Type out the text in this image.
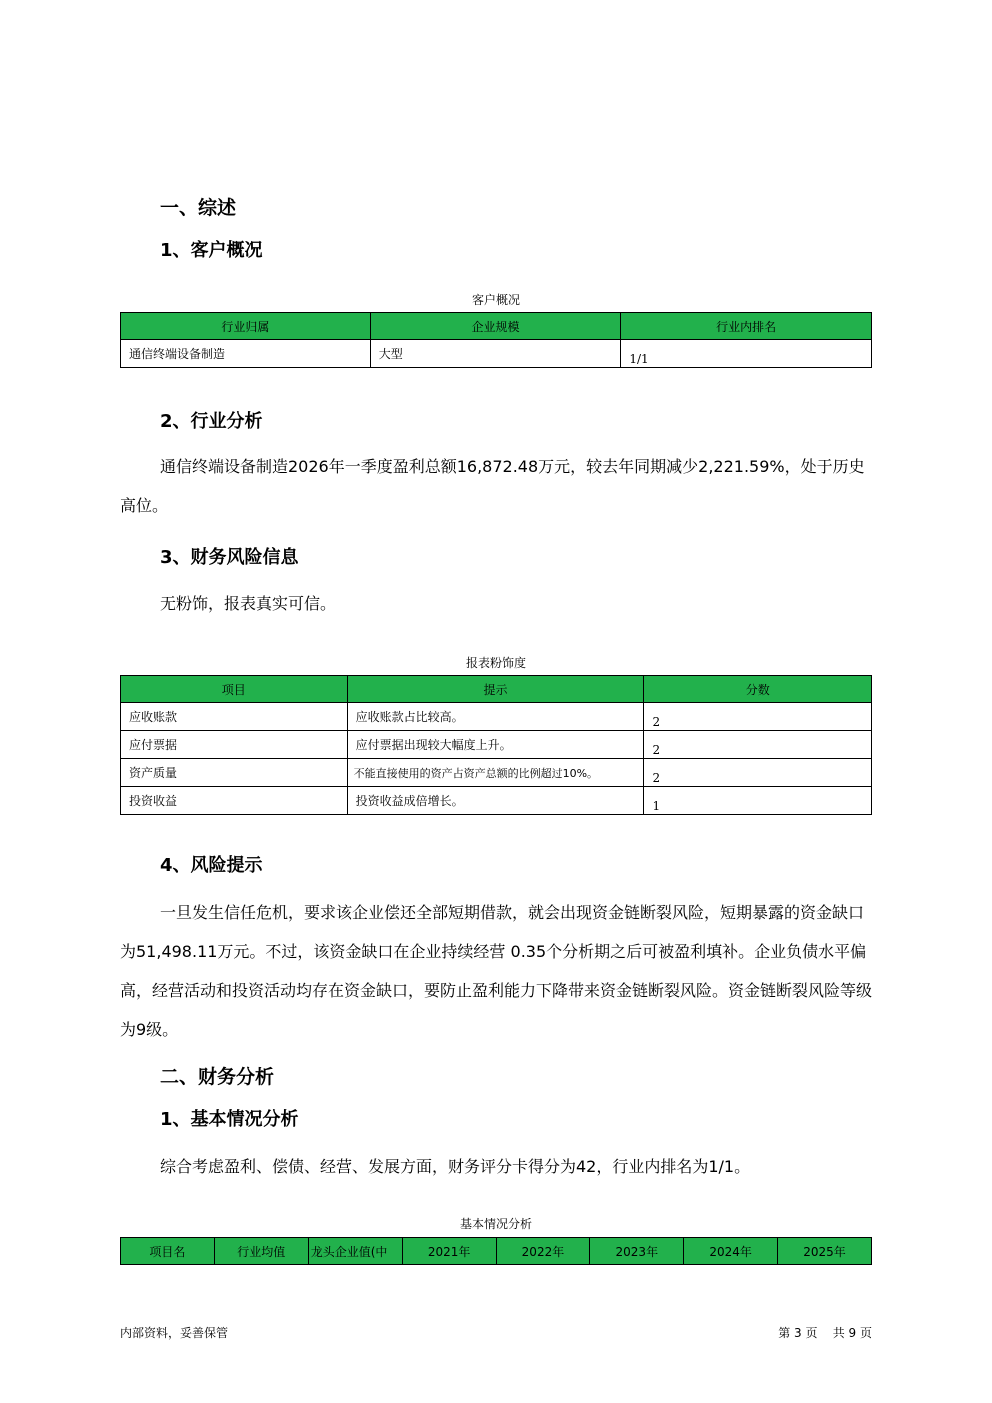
一、综述
1、客户概况
客户概况
行业归属	企业规模	行业内排名
通信终端设备制造	大型	1/1
2、行业分析

通信终端设备制造2026年一季度盈利总额16,872.48万元，较去年同期减少2,221.59%，处于历史高位。

3、财务风险信息

无粉饰，报表真实可信。

报表粉饰度
项目	提示	分数
应收账款	应收账款占比较高。	2
应付票据	应付票据出现较大幅度上升。	2
资产质量	不能直接使用的资产占资产总额的比例超过10%。	2
投资收益	投资收益成倍增长。	1
4、风险提示

一旦发生信任危机，要求该企业偿还全部短期借款，就会出现资金链断裂风险，短期暴露的资金缺口为51,498.11万元。不过，该资金缺口在企业持续经营 0.35个分析期之后可被盈利填补。企业负债水平偏高，经营活动和投资活动均存在资金缺口，要防止盈利能力下降带来资金链断裂风险。资金链断裂风险等级为9级。

二、财务分析
1、基本情况分析

综合考虑盈利、偿债、经营、发展方面，财务评分卡得分为42，行业内排名为1/1。

基本情况分析
项目名	行业均值	龙头企业值(中	2021年	2022年	2023年	2024年	2025年
内部资料，妥善保管	第 3 页    共 9 页
